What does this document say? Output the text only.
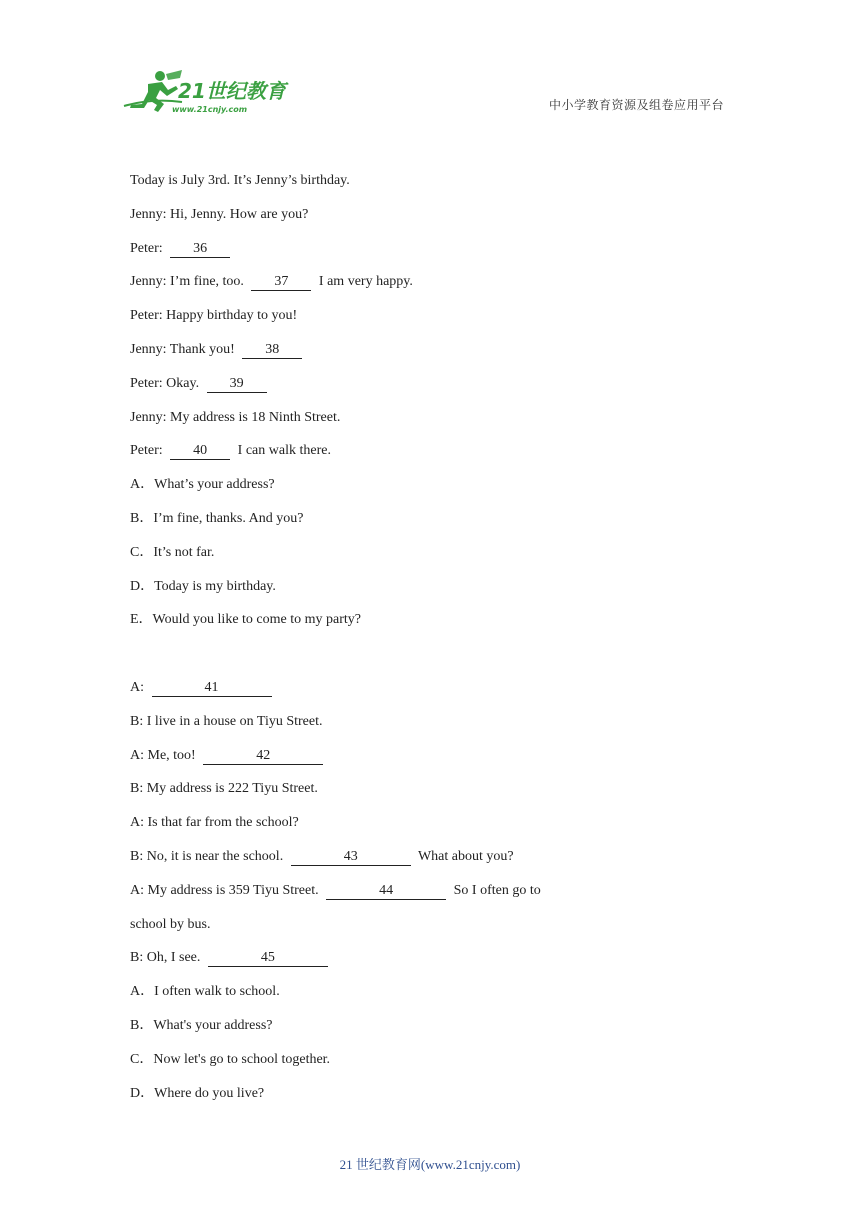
21世纪教育
www.21cnjy.com	中小学教育资源及组卷应用平台
Today is July 3rd. It’s Jenny’s birthday.
Jenny: Hi, Jenny. How are you?
Peter: 36
Jenny: I’m fine, too. 37 I am very happy.
Peter: Happy birthday to you!
Jenny: Thank you! 38
Peter: Okay. 39
Jenny: My address is 18 Ninth Street.
Peter: 40 I can walk there.
A．What’s your address?
B．I’m fine, thanks. And you?
C．It’s not far.
D．Today is my birthday.
E．Would you like to come to my party?
A:	41
B: I live in a house on Tiyu Street.
A: Me, too!	42
B: My address is 222 Tiyu Street.
A: Is that far from the school?
B: No, it is near the school.	43	What about you?
A: My address is 359 Tiyu Street.	44	So I often go to
school by bus.
B: Oh, I see.	45
A．I often walk to school.
B．What's your address?
C．Now let's go to school together.
D．Where do you live?
21 世纪教育网(www.21cnjy.com)
